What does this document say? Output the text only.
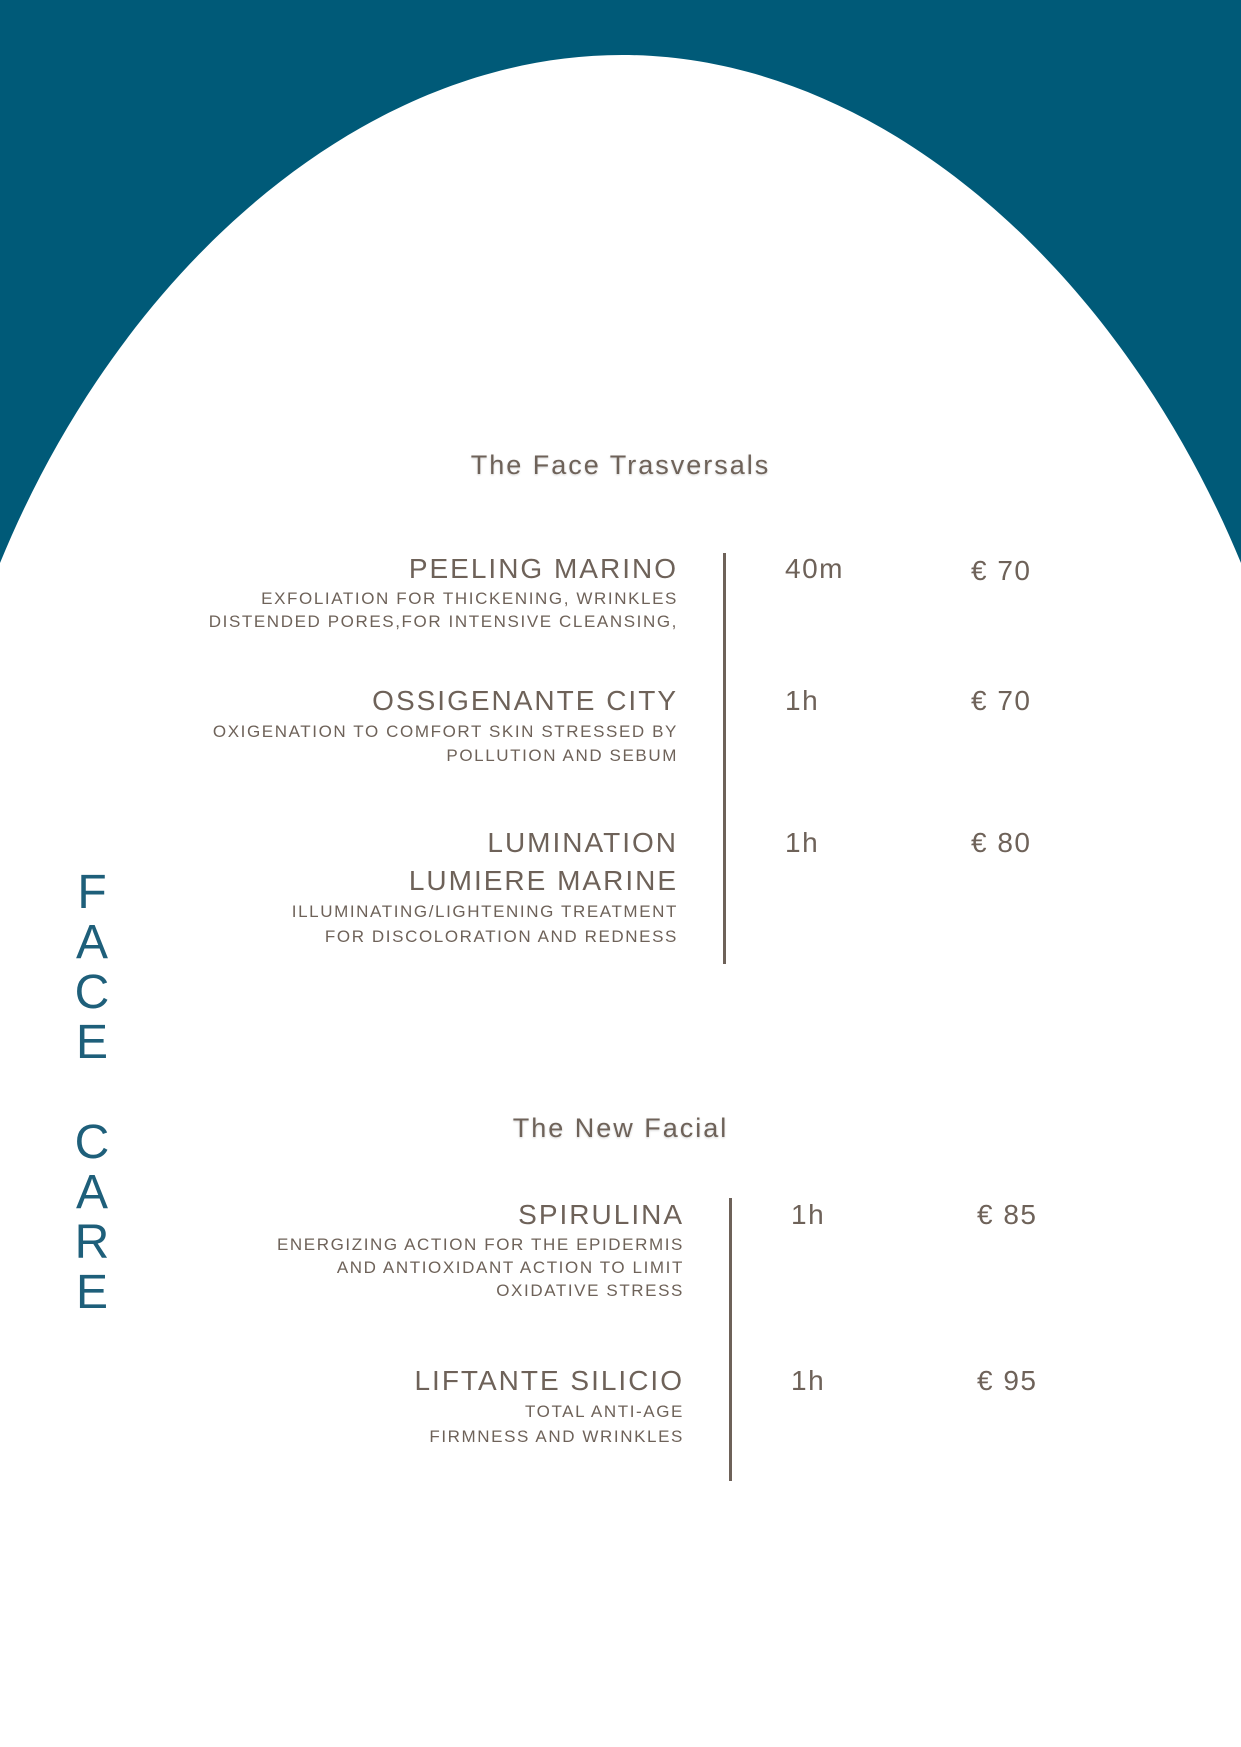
F
A
C
E
C
A
R
E
The Face Trasversals
PEELING MARINO
EXFOLIATION FOR THICKENING, WRINKLES
DISTENDED PORES,FOR INTENSIVE CLEANSING,
40m	€ 70
OSSIGENANTE CITY
OXIGENATION TO COMFORT SKIN STRESSED BY
POLLUTION AND SEBUM
1h	€ 70
LUMINATION
LUMIERE MARINE
ILLUMINATING/LIGHTENING TREATMENT
FOR DISCOLORATION AND REDNESS
1h	€ 80
The New Facial
SPIRULINA
ENERGIZING ACTION FOR THE EPIDERMIS
AND ANTIOXIDANT ACTION TO LIMIT
OXIDATIVE STRESS
1h	€ 85
LIFTANTE SILICIO
TOTAL ANTI-AGE
FIRMNESS AND WRINKLES
1h	€ 95
